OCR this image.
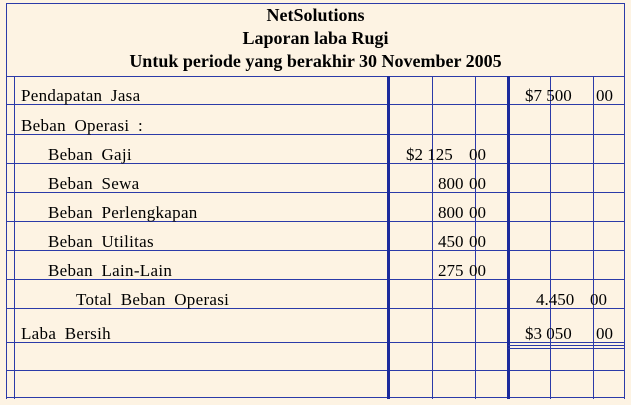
NetSolutions
Laporan laba Rugi
Untuk periode yang berakhir 30 November 2005
Pendapatan Jasa	$7 500 00
Beban Operasi :
Beban Gaji	$2 125 00
Beban Sewa	800 00
Beban Perlengkapan	800 00
Beban Utilitas	450 00
Beban Lain-Lain	275 00
Total Beban Operasi	4.450 00
Laba Bersih	$3 050 00
